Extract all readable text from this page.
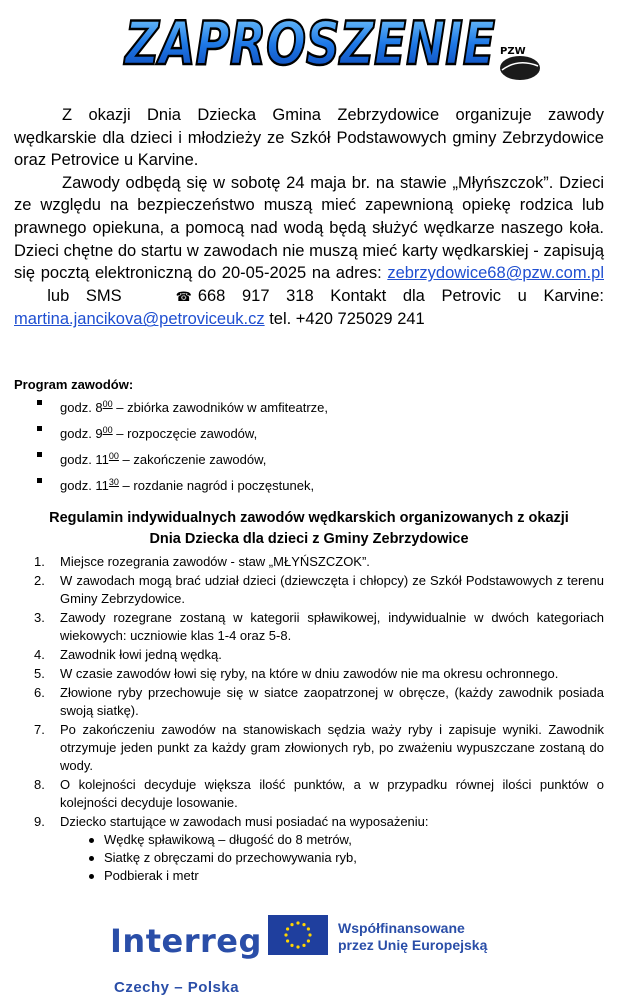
ZAPROSZENIE PZW

Z okazji Dnia Dziecka Gmina Zebrzydowice organizuje zawody wędkarskie dla dzieci i młodzieży ze Szkół Podstawowych gminy Zebrzydowice oraz Petrovice u Karvine.

Zawody odbędą się w sobotę 24 maja br. na stawie „Młyńszczok”. Dzieci ze względu na bezpieczeństwo muszą mieć zapewnioną opiekę rodzica lub prawnego opiekuna, a pomocą nad wodą będą służyć wędkarze naszego koła. Dzieci chętne do startu w zawodach nie muszą mieć karty wędkarskiej - zapisują się pocztą elektroniczną do 20-05-2025 na adres: zebrzydowice68@pzw.com.pl   lub SMS	☎ 668 917 318 Kontakt dla Petrovic u Karvine: martina.jancikova@petroviceuk.cz tel. +420 725029 241

Program zawodów:

godz. $8^{00}$ – zbiórka zawodników w amfiteatrze,
godz. $9^{00}$ – rozpoczęcie zawodów,
godz. $11^{00}$ – zakończenie zawodów,
godz. $11^{30}$ – rozdanie nagród i poczęstunek,
Regulamin indywidualnych zawodów wędkarskich organizowanych z okazji
Dnia Dziecka dla dzieci z Gminy Zebrzydowice
1. Miejsce rozegrania zawodów - staw „MŁYŃSZCZOK”.
2. W zawodach mogą brać udział dzieci (dziewczęta i chłopcy) ze Szkół Podstawowych z terenu Gminy Zebrzydowice.
3. Zawody rozegrane zostaną w kategorii spławikowej, indywidualnie w dwóch kategoriach wiekowych: uczniowie klas 1-4 oraz 5-8.
4. Zawodnik łowi jedną wędką.
5. W czasie zawodów łowi się ryby, na które w dniu zawodów nie ma okresu ochronnego.
6. Złowione ryby przechowuje się w siatce zaopatrzonej w obręcze, (każdy zawodnik posiada swoją siatkę).
7. Po zakończeniu zawodów na stanowiskach sędzia waży ryby i zapisuje wyniki. Zawodnik otrzymuje jeden punkt za każdy gram złowionych ryb, po zważeniu wypuszczane zostaną do wody.
8. O kolejności decyduje większa ilość punktów, a w przypadku równej ilości punktów o kolejności decyduje losowanie.
9. Dziecko startujące w zawodach musi posiadać na wyposażeniu:
Wędkę spławikową – długość do 8 metrów,
Siatkę z obręczami do przechowywania ryb,
Podbierak i metr
Interreg	Współfinansowane
przez Unię Europejską
Czechy – Polska
